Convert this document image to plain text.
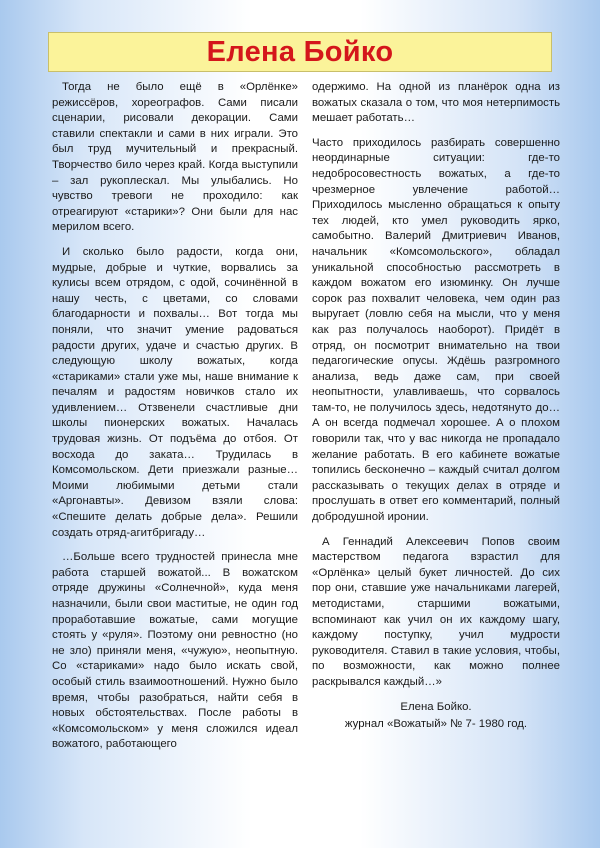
Елена Бойко

Тогда не было ещё в «Орлёнке» режиссёров, хореографов. Сами писали сценарии, рисовали декорации. Сами ставили спектакли и сами в них играли. Это был труд мучительный и прекрасный. Творчество било через край. Когда выступили – зал рукоплескал. Мы улыбались. Но чувство тревоги не проходило: как отреагируют «старики»? Они были для нас мерилом всего.

И сколько было радости, когда они, мудрые, добрые и чуткие, ворвались за кулисы всем отрядом, с одой, сочинённой в нашу честь, с цветами, со словами благодарности и похвалы… Вот тогда мы поняли, что значит умение радоваться радости других, удаче и счастью других. В следующую школу вожатых, когда «стариками» стали уже мы, наше внимание к печалям и радостям новичков стало их удивлением… Отзвенели счастливые дни школы пионерских вожатых. Началась трудовая жизнь. От подъёма до отбоя. От восхода до заката… Трудилась в Комсомольском. Дети приезжали разные… Моими любимыми детьми стали «Аргонавты». Девизом взяли слова: «Спешите делать добрые дела». Решили создать отряд-агитбригаду…

…Больше всего трудностей принесла мне работа старшей вожатой... В вожатском отряде дружины «Солнечной», куда меня назначили, были свои маститые, не один год проработавшие вожатые, сами могущие стоять у «руля». Поэтому они ревностно (но не зло) приняли меня, «чужую», неопытную. Со «стариками» надо было искать свой, особый стиль взаимоотношений. Нужно было время, чтобы разобраться, найти себя в новых обстоятельствах. После работы в «Комсомольском» у меня сложился идеал вожатого, работающего

одержимо. На одной из планёрок одна из вожатых сказала о том, что моя нетерпимость мешает работать…

Часто приходилось разбирать совершенно неординарные ситуации: где-то недобросовестность вожатых, а где-то чрезмерное увлечение работой… Приходилось мысленно обращаться к опыту тех людей, кто умел руководить ярко, самобытно. Валерий Дмитриевич Иванов, начальник «Комсомольского», обладал уникальной способностью рассмотреть в каждом вожатом его изюминку. Он лучше сорок раз похвалит человека, чем один раз выругает (ловлю себя на мысли, что у меня как раз получалось наоборот). Придёт в отряд, он посмотрит внимательно на твои педагогические опусы. Ждёшь разгромного анализа, ведь даже сам, при своей неопытности, улавливаешь, что сорвалось там-то, не получилось здесь, недотянуто до… А он всегда подмечал хорошее. А о плохом говорили так, что у вас никогда не пропадало желание работать. В его кабинете вожатые топились бесконечно – каждый считал долгом рассказывать о текущих делах в отряде и прослушать в ответ его комментарий, полный добродушной иронии.

А Геннадий Алексеевич Попов своим мастерством педагога взрастил для «Орлёнка» целый букет личностей. До сих пор они, ставшие уже начальниками лагерей, методистами, старшими вожатыми, вспоминают как учил он их каждому шагу, каждому поступку, учил мудрости руководителя. Ставил в такие условия, чтобы, по возможности, как можно полнее раскрывался каждый…»

Елена Бойко.

журнал «Вожатый» № 7- 1980 год.
